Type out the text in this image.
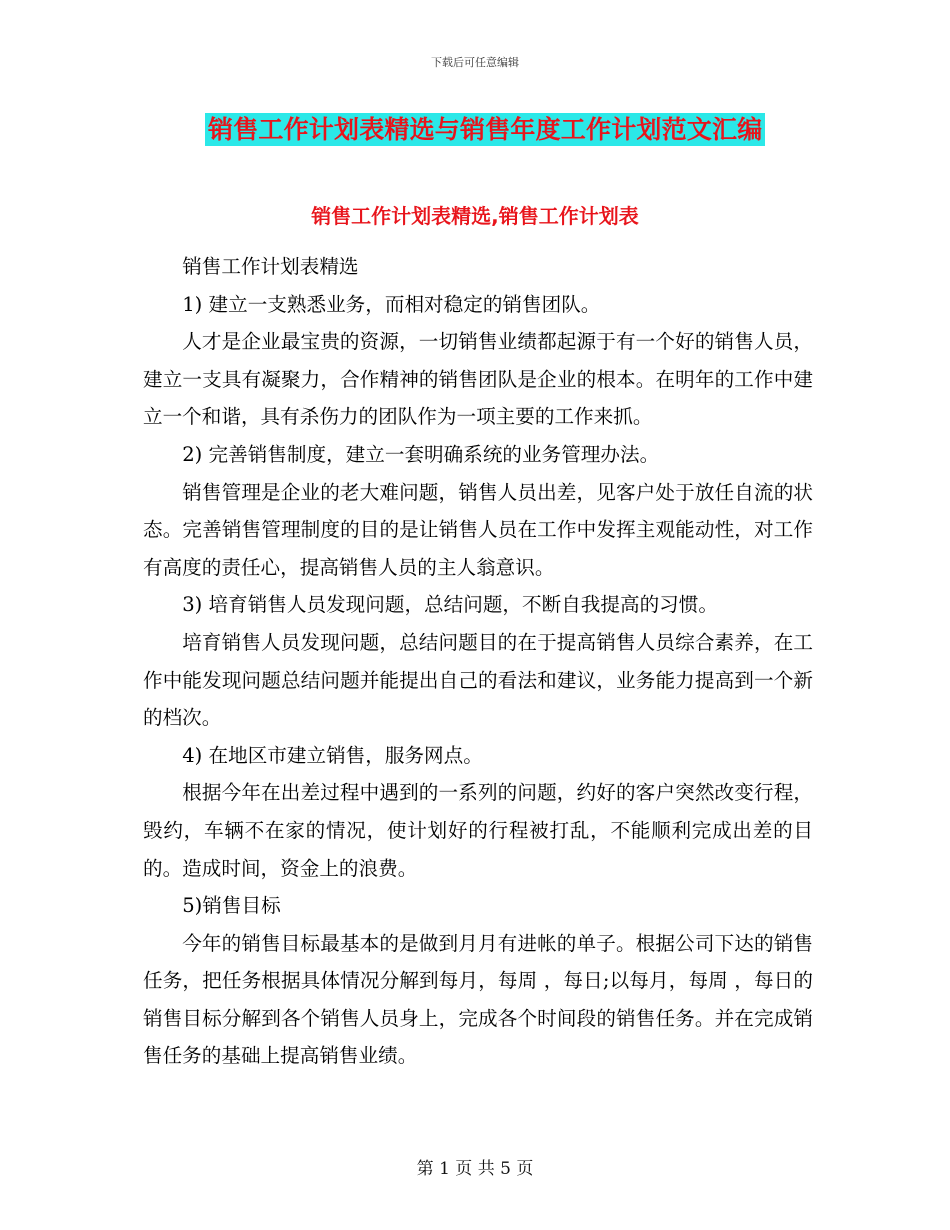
下载后可任意编辑
销售工作计划表精选与销售年度工作计划范文汇编
销售工作计划表精选,销售工作计划表

销售工作计划表精选

1) 建立一支熟悉业务，而相对稳定的销售团队。

人才是企业最宝贵的资源，一切销售业绩都起源于有一个好的销售人员，建立一支具有凝聚力，合作精神的销售团队是企业的根本。在明年的工作中建立一个和谐，具有杀伤力的团队作为一项主要的工作来抓。

2) 完善销售制度，建立一套明确系统的业务管理办法。

销售管理是企业的老大难问题，销售人员出差，见客户处于放任自流的状态。完善销售管理制度的目的是让销售人员在工作中发挥主观能动性，对工作有高度的责任心，提高销售人员的主人翁意识。

3) 培育销售人员发现问题，总结问题，不断自我提高的习惯。

培育销售人员发现问题，总结问题目的在于提高销售人员综合素养，在工作中能发现问题总结问题并能提出自己的看法和建议，业务能力提高到一个新的档次。

4) 在地区市建立销售，服务网点。

根据今年在出差过程中遇到的一系列的问题，约好的客户突然改变行程，毁约，车辆不在家的情况，使计划好的行程被打乱，不能顺利完成出差的目的。造成时间，资金上的浪费。

5)销售目标

今年的销售目标最基本的是做到月月有进帐的单子。根据公司下达的销售任务，把任务根据具体情况分解到每月，每周 ，每日;以每月，每周 ，每日的销售目标分解到各个销售人员身上，完成各个时间段的销售任务。并在完成销售任务的基础上提高销售业绩。

第 1 页 共 5 页
